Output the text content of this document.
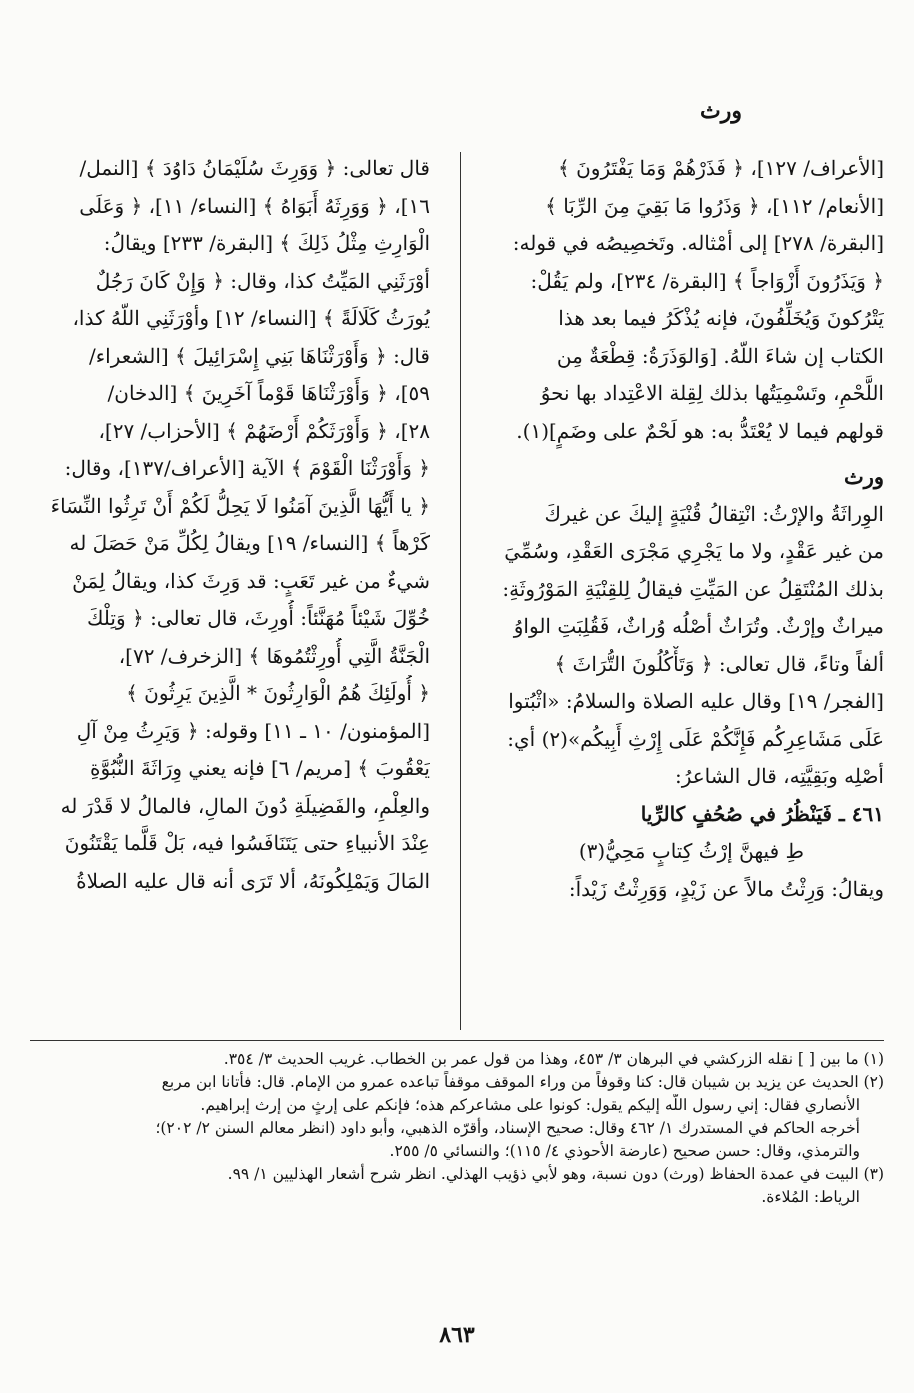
ورث
[الأعراف/ ١٢٧]، ﴿ فَذَرْهُمْ وَمَا يَفْتَرُونَ ﴾
[الأنعام/ ١١٢]، ﴿ وَذَرُوا مَا بَقِيَ مِنَ الرِّبَا ﴾
[البقرة/ ٢٧٨] إلى أمْثاله. وتَخصِيصُه في قوله:
﴿ وَيَذَرُونَ أَزْوَاجاً ﴾ [البقرة/ ٢٣٤]، ولم يَقُلْ:
يَتْرُكونَ وَيُخَلِّفُونَ، فإنه يُذْكَرُ فيما بعد هذا
الكتاب إن شاءَ اللّهُ. [وَالوَذَرَةُ: قِطْعَةٌ مِن
اللَّحْمِ، وتَسْمِيَتُها بذلك لِقِلة الاعْتِداد بها نحوُ
قولهم فيما لا يُعْتَدُّ به: هو لَحْمٌ على وضَمٍ](١).
ورث
الوِراثَةُ والإرْثُ: انْتِقالُ قُنْيَةٍ إليكَ عن غيركَ
من غير عَقْدٍ، ولا ما يَجْرِي مَجْرَى العَقْدِ، وسُمِّيَ
بذلك المُنْتَقِلُ عن المَيِّتِ فيقالُ لِلقِنْيَةِ المَوْرُوثَةِ:
ميراثٌ وإرْثٌ. وتُرَاثٌ أصْلُه وُراثٌ، فَقُلِبَتِ الواوُ
ألفاً وتاءً، قال تعالى: ﴿ وَتَأْكُلُونَ التُّرَاثَ ﴾
[الفجر/ ١٩] وقال عليه الصلاة والسلامُ: «اثْبُتوا
عَلَى مَشَاعِرِكُم فَإِنَّكُمْ عَلَى إِرْثِ أَبِيكُم»(٢) أي:
أصْلِه وبَقِيَّتِه، قال الشاعرُ:
٤٦١ ـ فَيَنْظُرُ في صُحُفٍ كالرِّيا
طِ فيهنَّ إرْثُ كِتابٍ مَحِيُّ(٣)
ويقالُ: وَرِثْتُ مالاً عن زَيْدٍ، وَوَرِثْتُ زَيْداً:
قال تعالى: ﴿ وَوَرِثَ سُلَيْمَانُ دَاوُدَ ﴾ [النمل/
١٦]، ﴿ وَوَرِثَهُ أَبَوَاهُ ﴾ [النساء/ ١١]، ﴿ وَعَلَى
الْوَارِثِ مِثْلُ ذَلِكَ ﴾ [البقرة/ ٢٣٣] ويقالُ:
أوْرَثَنِي المَيِّتُ كذا، وقال: ﴿ وَإِنْ كَانَ رَجُلٌ
يُورَثُ كَلَالَةً ﴾ [النساء/ ١٢] وأوْرَثَنِي اللّهُ كذا،
قال: ﴿ وَأَوْرَثْنَاهَا بَنِي إِسْرَائِيلَ ﴾ [الشعراء/
٥٩]، ﴿ وَأَوْرَثْنَاهَا قَوْماً آخَرِينَ ﴾ [الدخان/
٢٨]، ﴿ وَأَوْرَثَكُمْ أَرْضَهُمْ ﴾ [الأحزاب/ ٢٧]،
﴿ وَأَوْرَثْنَا الْقَوْمَ ﴾ الآية [الأعراف/١٣٧]، وقال:
﴿ يا أَيُّهَا الَّذِينَ آمَنُوا لَا يَحِلُّ لَكُمْ أَنْ تَرِثُوا النِّسَاءَ
كَرْهاً ﴾ [النساء/ ١٩] ويقالُ لِكُلِّ مَنْ حَصَلَ له
شيءٌ من غير تَعَبٍ: قد وَرِثَ كذا، ويقالُ لِمَنْ
خُوِّلَ شَيْئاً مُهَنَّئاً: أُورِثَ، قال تعالى: ﴿ وَتِلْكَ
الْجَنَّةُ الَّتِي أُورِثْتُمُوهَا ﴾ [الزخرف/ ٧٢]،
﴿ أُولَئِكَ هُمُ الْوَارِثُونَ * الَّذِينَ يَرِثُونَ ﴾
[المؤمنون/ ١٠ ـ ١١] وقوله: ﴿ وَيَرِثُ مِنْ آلِ
يَعْقُوبَ ﴾ [مريم/ ٦] فإنه يعني وِرَاثَةَ النُّبُوَّةِ
والعِلْمِ، والفَضِيلَةِ دُونَ المالِ، فالمالُ لا قَدْرَ له
عِنْدَ الأنبياءِ حتى يَتَنَافَسُوا فيه، بَلْ قَلَّما يَقْتَنُونَ
المَالَ وَيَمْلِكُونَهُ، ألا تَرَى أنه قال عليه الصلاةُ
(١) ما بين [ ] نقله الزركشي في البرهان ٣/ ٤٥٣، وهذا من قول عمر بن الخطاب. غريب الحديث ٣/ ٣٥٤.
(٢) الحديث عن يزيد بن شيبان قال: كنا وقوفاً من وراء الموقف موقفاً تباعده عمرو من الإمام. قال: فأتانا ابن مربع
الأنصاري فقال: إني رسول اللّه إليكم يقول: كونوا على مشاعركم هذه؛ فإنكم على إرثٍ من إرث إبراهيم.
أخرجه الحاكم في المستدرك ١/ ٤٦٢ وقال: صحيح الإسناد، وأقرّه الذهبي، وأبو داود (انظر معالم السنن ٢/ ٢٠٢)؛
والترمذي، وقال: حسن صحيح (عارضة الأحوذي ٤/ ١١٥)؛ والنسائي ٥/ ٢٥٥.
(٣) البيت في عمدة الحفاظ (ورث) دون نسبة، وهو لأبي ذؤيب الهذلي. انظر شرح أشعار الهذليين ١/ ٩٩.
الرياط: المُلاءة.
٨٦٣
